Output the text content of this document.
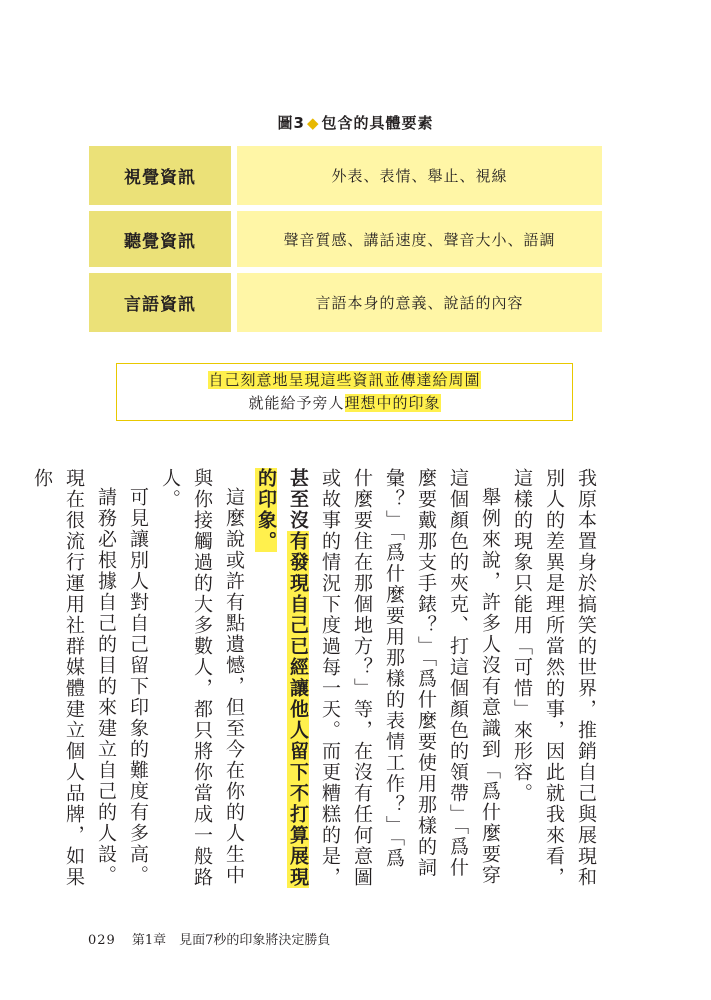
圖3 ◆ 包含的具體要素
視覺資訊	外表、表情、舉止、視線
聽覺資訊	聲音質感、講話速度、聲音大小、語調
言語資訊	言語本身的意義、說話的內容
自己刻意地呈現這些資訊並傳達給周圍
就能給予旁人理想中的印象

我原本置身於搞笑的世界，推銷自己與展現和別人的差異是理所當然的事，因此就我來看，這樣的現象只能用「可惜」來形容。

舉例來說，許多人沒有意識到「爲什麼要穿這個顏色的夾克、打這個顏色的領帶」「爲什麼要戴那支手錶？」「爲什麼要使用那樣的詞彙？」「爲什麼要用那樣的表情工作？」「爲什麼要住在那個地方？」等，在沒有任何意圖或故事的情況下度過每一天。而更糟糕的是，甚至沒有發現自己已經讓他人留下不打算展現的印象。

這麼說或許有點遺憾，但至今在你的人生中與你接觸過的大多數人，都只將你當成一般路人。

可見讓別人對自己留下印象的難度有多高。

請務必根據自己的目的來建立自己的人設。

現在很流行運用社群媒體建立個人品牌，如果你

029 第1章　見面7秒的印象將決定勝負
